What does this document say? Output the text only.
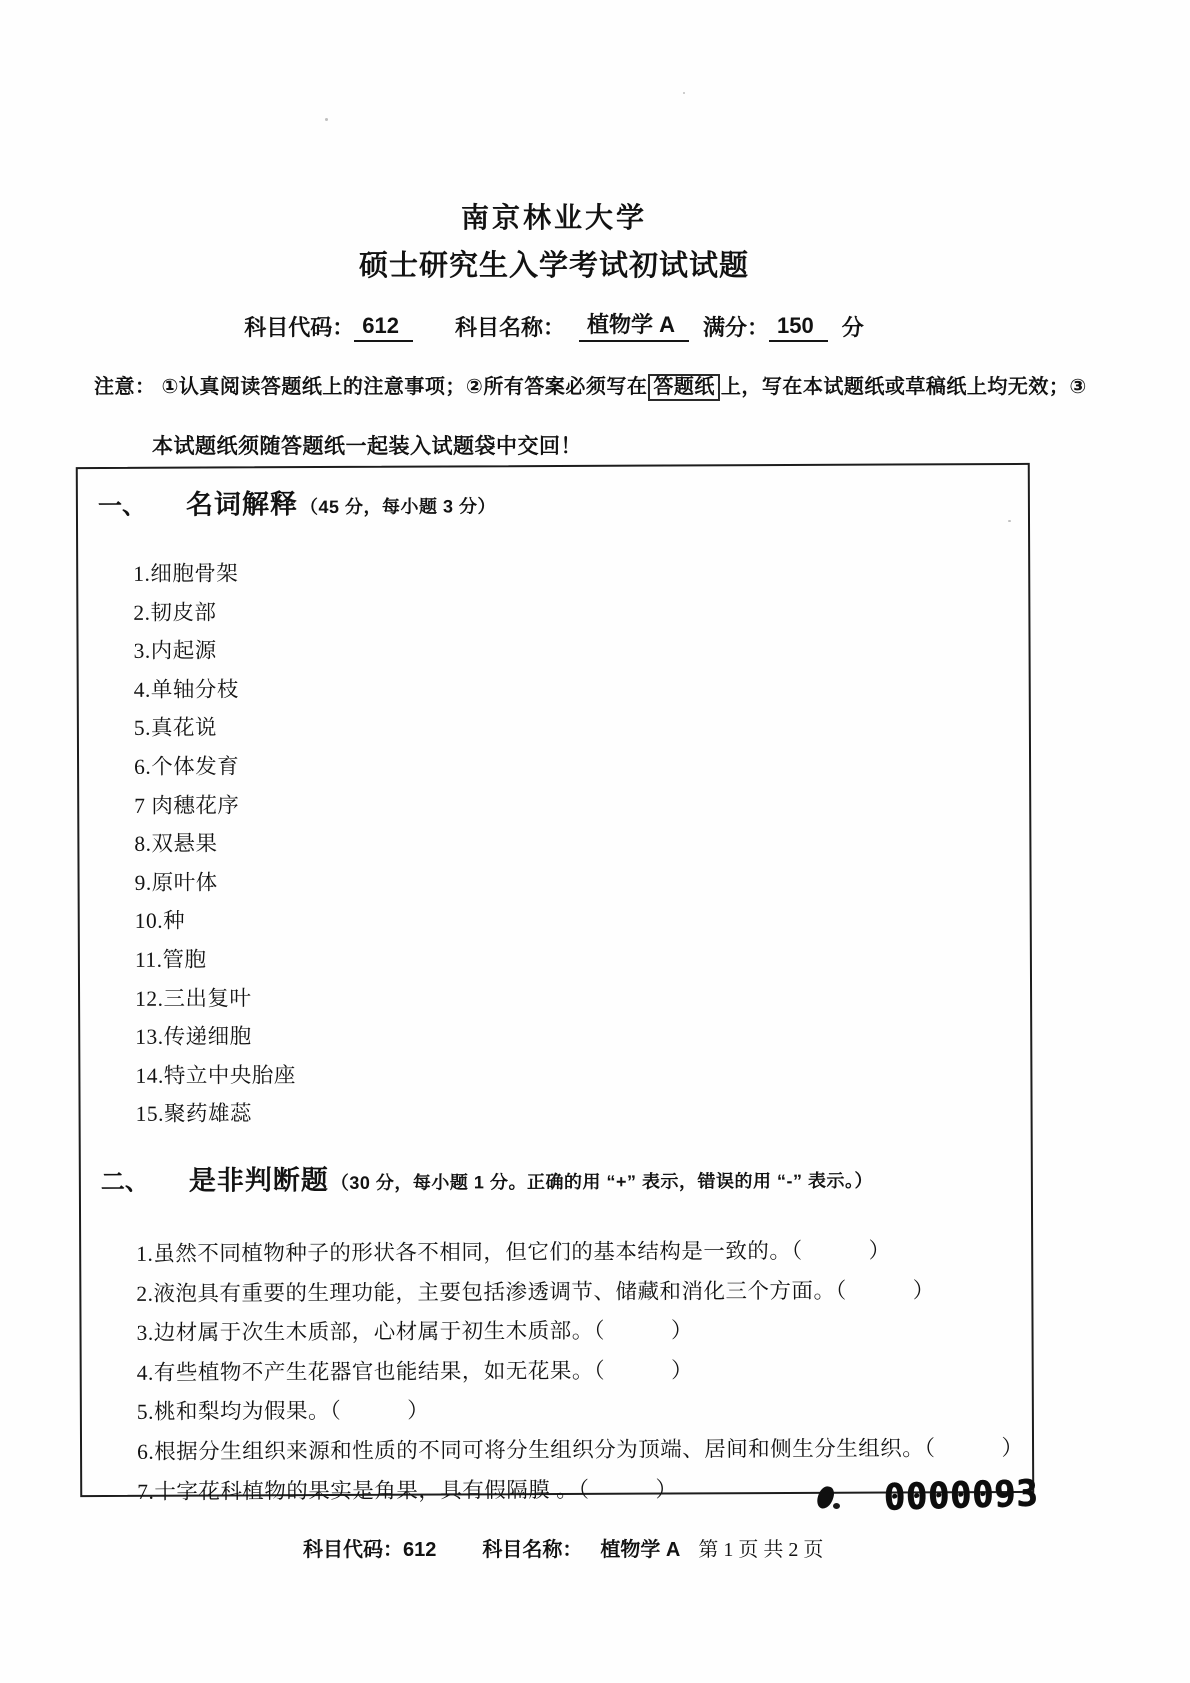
南京林业大学
硕士研究生入学考试初试试题
科目代码： 612	科目名称：	植物学 A	满分： 150	分
注意： ①认真阅读答题纸上的注意事项；②所有答案必须写在 答题纸 上，写在本试题纸或草稿纸上均无效；③
本试题纸须随答题纸一起装入试题袋中交回！
一、	名词解释 （45 分，每小题 3 分）
1.细胞骨架
2.韧皮部
3.内起源
4.单轴分枝
5.真花说
6.个体发育
7 肉穗花序
8.双悬果
9.原叶体
10.种
11.管胞
12.三出复叶
13.传递细胞
14.特立中央胎座
15.聚药雄蕊
二、	是非判断题 （30 分，每小题 1 分。正确的用 “+” 表示，错误的用 “-” 表示。）
1.虽然不同植物种子的形状各不相同，但它们的基本结构是一致的。（　　　）
2.液泡具有重要的生理功能，主要包括渗透调节、储藏和消化三个方面。（　　　）
3.边材属于次生木质部，心材属于初生木质部。（　　　）
4.有些植物不产生花器官也能结果，如无花果。（　　　）
5.桃和梨均为假果。（　　　）
6.根据分生组织来源和性质的不同可将分生组织分为顶端、居间和侧生分生组织。（　　　）
7.十字花科植物的果实是角果，具有假隔膜 。（　　　）	0000093
科目代码： 612 科目名称： 植物学 A 第 1 页 共 2 页
